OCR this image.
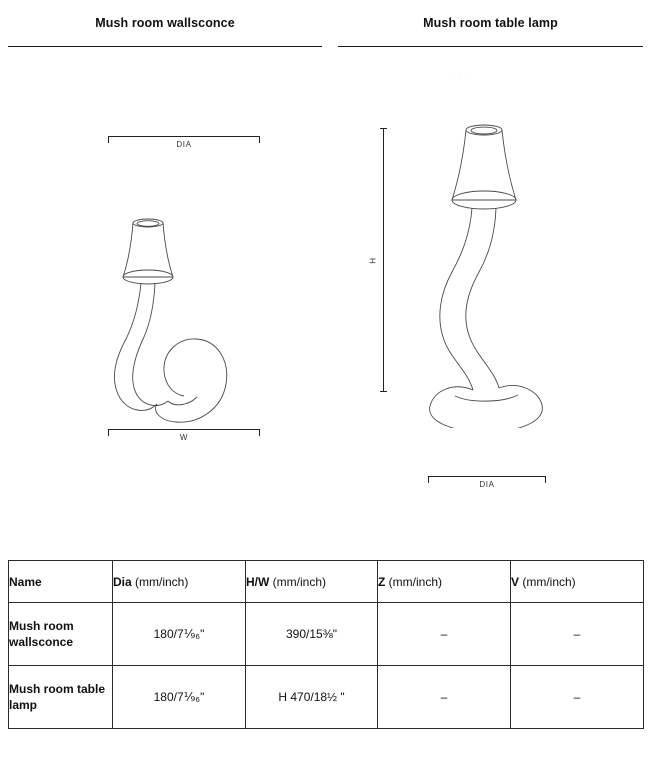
Mush room wallsconce	Mush room table lamp
DIA
W
· · ·
H
DIA
Name	Dia (mm/inch)	H/W (mm/inch)	Z (mm/inch)	V (mm/inch)
Mush room wallsconce	180/7⅑₆"	390/15⅜"	–	–
Mush room table lamp	180/7⅑₆"	H 470/18½ "	–	–
